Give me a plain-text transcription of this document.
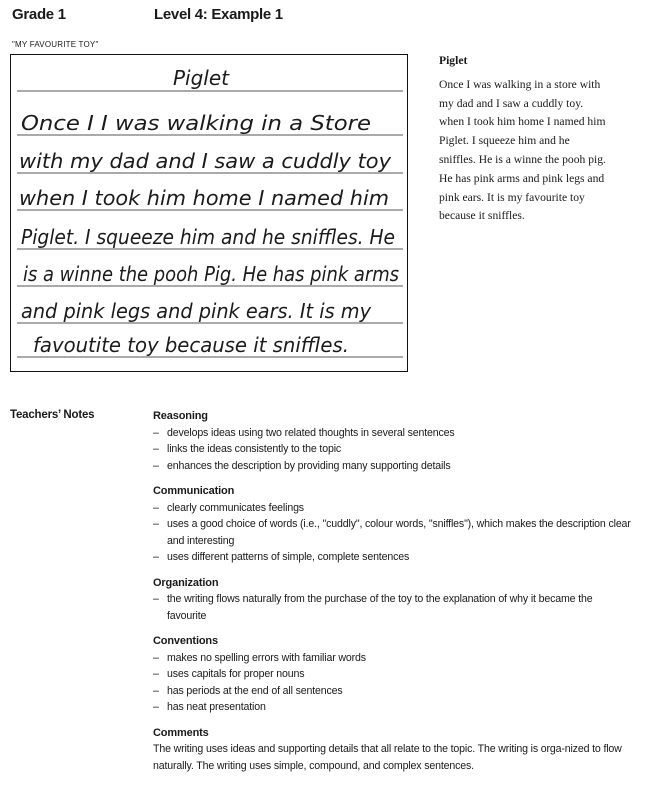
Grade 1	Level 4: Example 1
"MY FAVOURITE TOY"
Piglet
Once I I was walking in a Store
with my dad and I saw a cuddly toy
when I took him home I named him
Piglet. I squeeze him and he sniffles. He
is a winne the pooh Pig. He has pink arms
and pink legs and pink ears. It is my
favoutite toy because it sniffles.
Piglet
Once I was walking in a store with
my dad and I saw a cuddly toy.
when I took him home I named him
Piglet. I squeeze him and he
sniffles. He is a winne the pooh pig.
He has pink arms and pink legs and
pink ears. It is my favourite toy
because it sniffles.
Teachers’ Notes	Reasoning
– develops ideas using two related thoughts in several sentences
– links the ideas consistently to the topic
– enhances the description by providing many supporting details
Communication
– clearly communicates feelings
– uses a good choice of words (i.e., "cuddly", colour words, "sniffles"), which makes the description clear and interesting
– uses different patterns of simple, complete sentences
Organization
– the writing flows naturally from the purchase of the toy to the explanation of why it became the favourite
Conventions
– makes no spelling errors with familiar words
– uses capitals for proper nouns
– has periods at the end of all sentences
– has neat presentation
Comments
The writing uses ideas and supporting details that all relate to the topic. The writing is orga-nized to flow naturally. The writing uses simple, compound, and complex sentences.
